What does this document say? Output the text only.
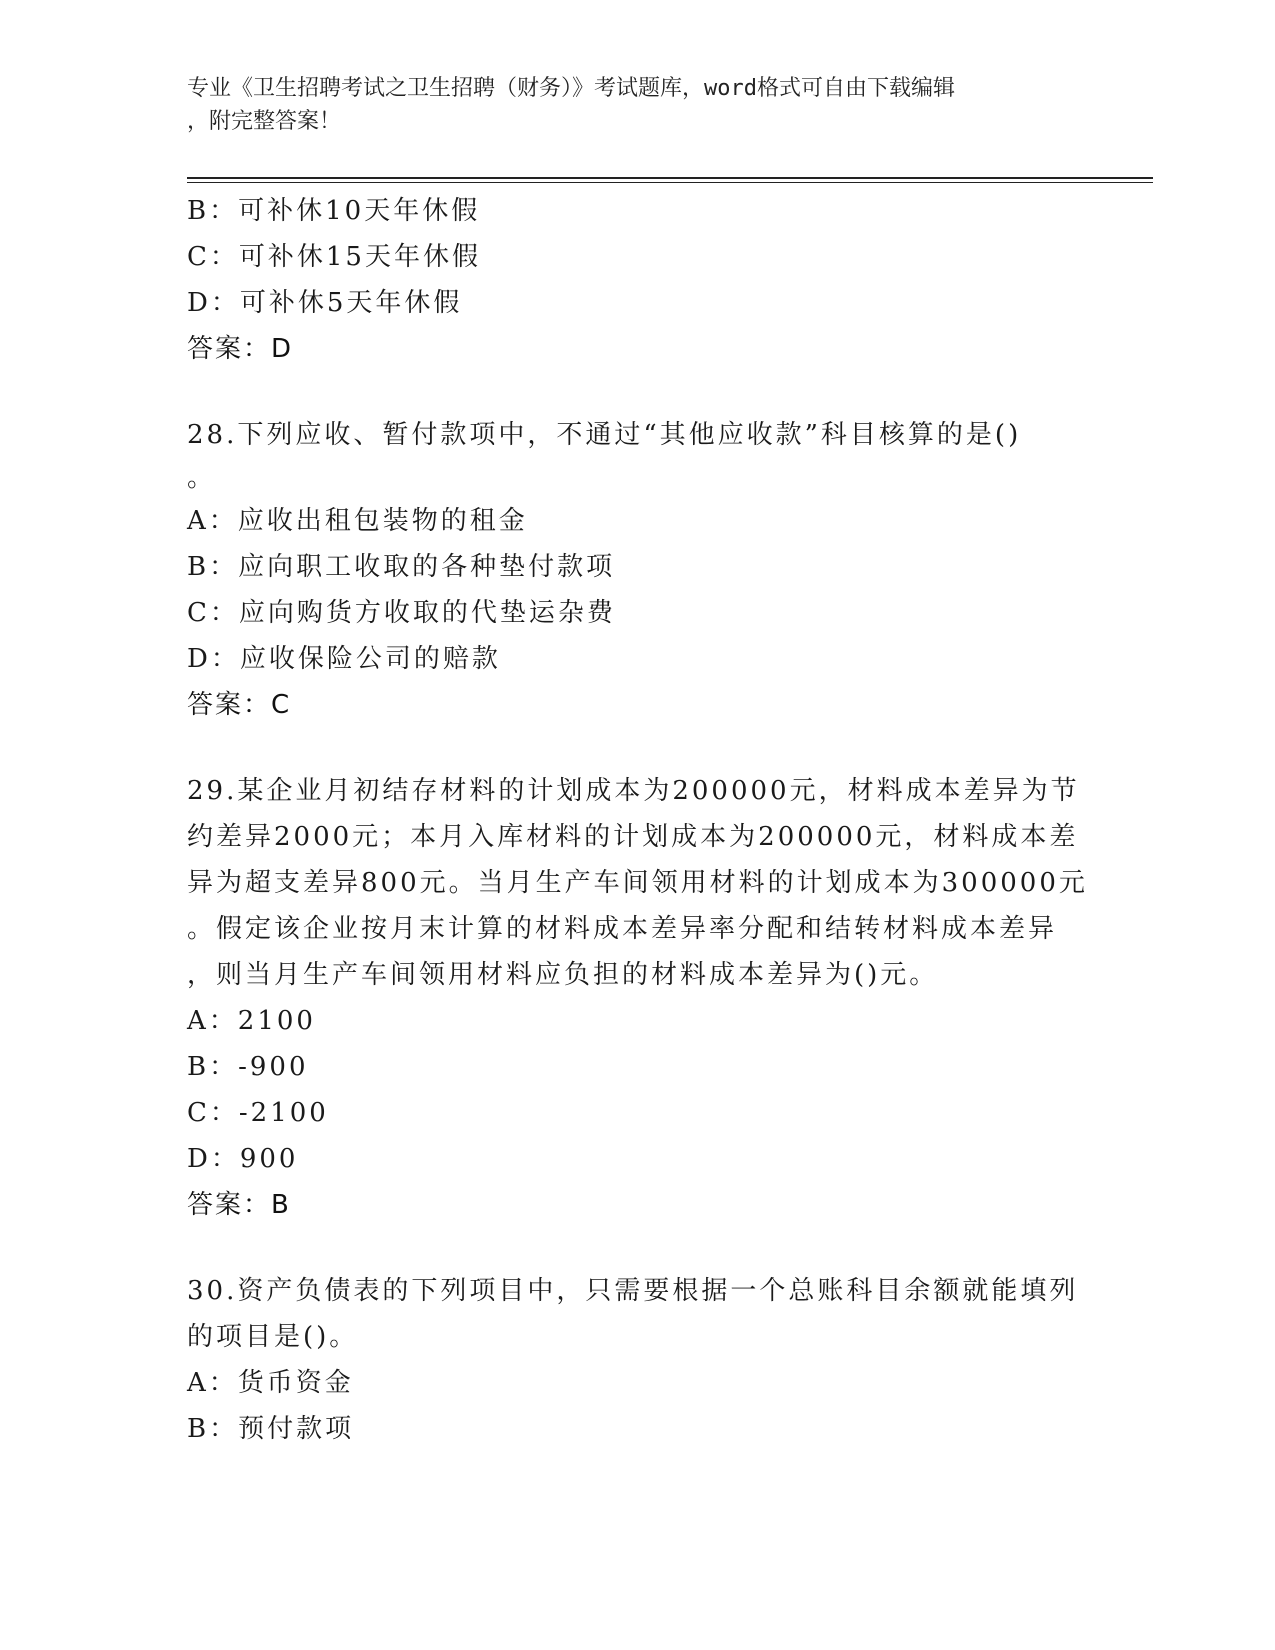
专业《卫生招聘考试之卫生招聘（财务）》考试题库，word格式可自由下载编辑
，附完整答案！
B：可补休10天年休假
C：可补休15天年休假
D：可补休5天年休假
答案：D
28.下列应收、暂付款项中，不通过“其他应收款”科目核算的是()
。
A：应收出租包装物的租金
B：应向职工收取的各种垫付款项
C：应向购货方收取的代垫运杂费
D：应收保险公司的赔款
答案：C
29.某企业月初结存材料的计划成本为200000元，材料成本差异为节
约差异2000元；本月入库材料的计划成本为200000元，材料成本差
异为超支差异800元。当月生产车间领用材料的计划成本为300000元
。假定该企业按月末计算的材料成本差异率分配和结转材料成本差异
，则当月生产车间领用材料应负担的材料成本差异为()元。
A：2100
B：-900
C：-2100
D：900
答案：B
30.资产负债表的下列项目中，只需要根据一个总账科目余额就能填列
的项目是()。
A：货币资金
B：预付款项
